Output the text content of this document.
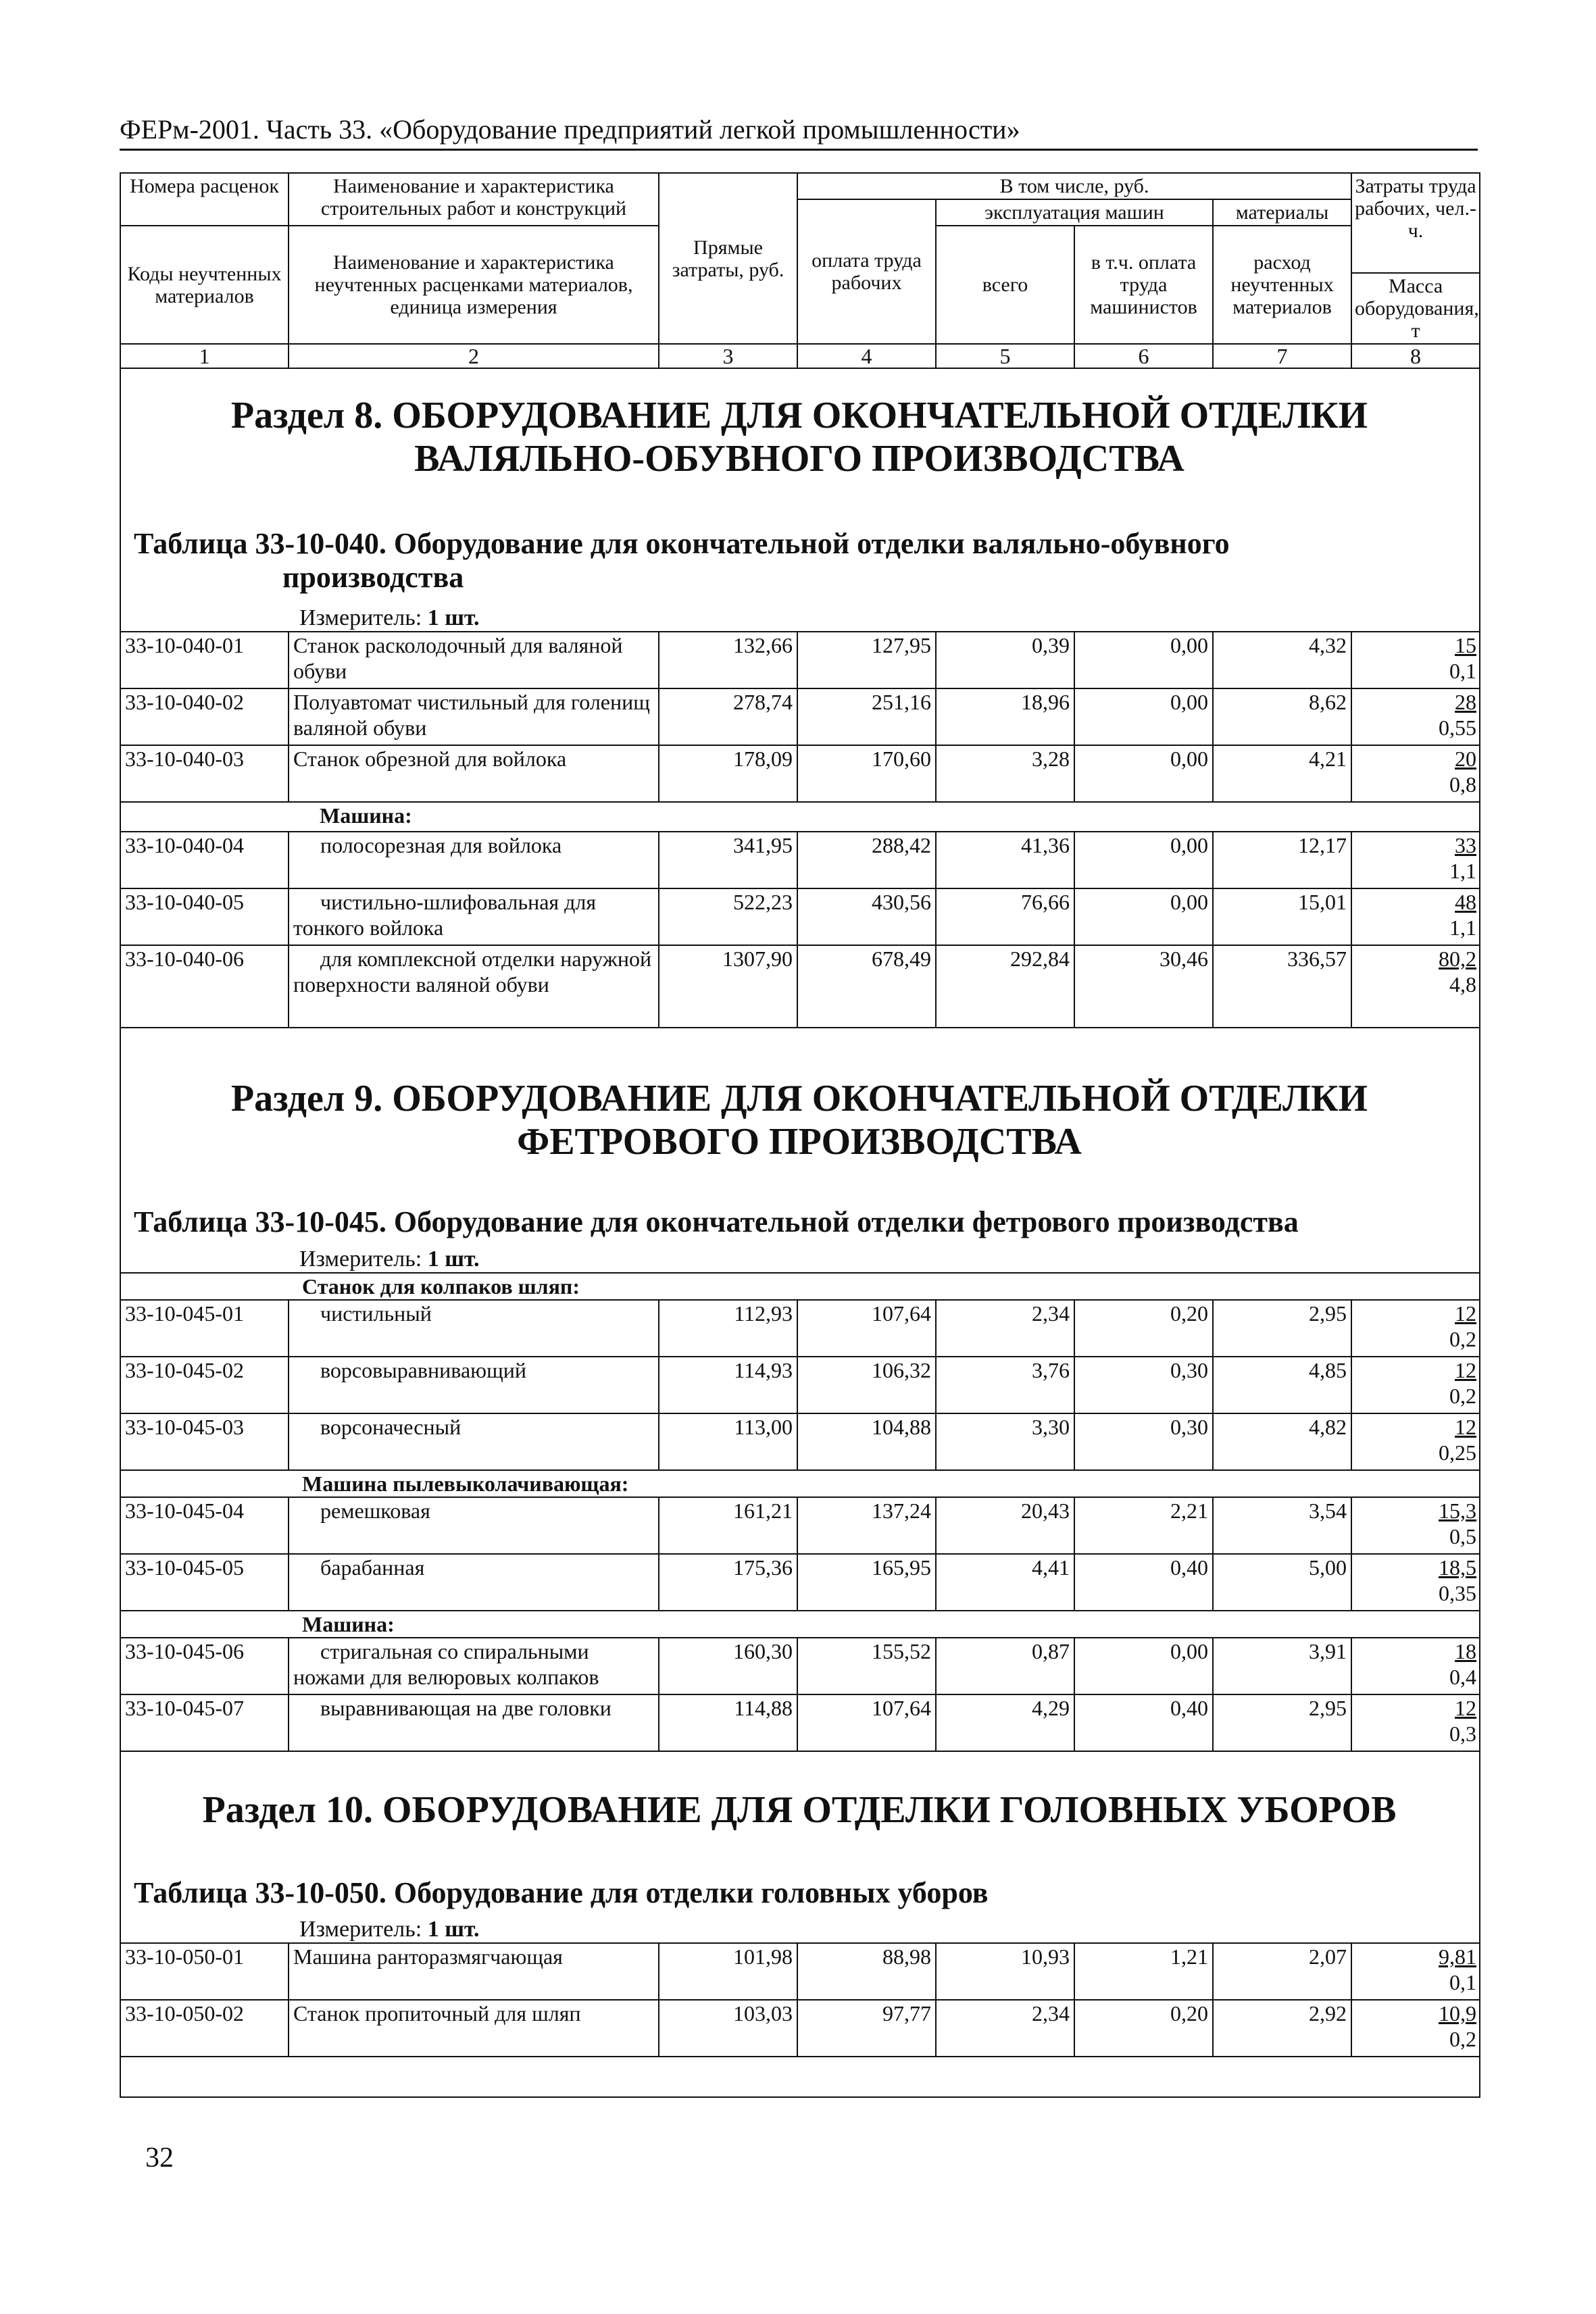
ФЕРм-2001. Часть 33. «Оборудование предприятий легкой промышленности»
Номера расценок	Наименование и характеристика строительных работ и конструкций	Прямые затраты, руб.	В том числе, руб.				Затраты труда рабочих, чел.-ч.
			оплата труда рабочих	эксплуатация машин		материалы	
Коды неучтенных материалов	Наименование и характеристика неучтенных расценками материалов, единица измерения			всего	в т.ч. оплата труда машинистов	расход неучтенных материалов	
							Масса оборудования, т
1	2	3	4	5	6	7	8
Раздел 8. ОБОРУДОВАНИЕ ДЛЯ ОКОНЧАТЕЛЬНОЙ ОТДЕЛКИ
ВАЛЯЛЬНО-ОБУВНОГО ПРОИЗВОДСТВА
Таблица 33-10-040. Оборудование для окончательной отделки валяльно-обувного
производства
Измеритель: 1 шт.
33-10-040-01	Станок расколодочный для валяной обуви	132,66	127,95	0,39	0,00	4,32	15
0,1
33-10-040-02	Полуавтомат чистильный для голенищ валяной обуви	278,74	251,16	18,96	0,00	8,62	28
0,55
33-10-040-03	Станок обрезной для войлока	178,09	170,60	3,28	0,00	4,21	20
0,8
	Машина:						
33-10-040-04	полосорезная для войлока	341,95	288,42	41,36	0,00	12,17	33
1,1
33-10-040-05	чистильно-шлифовальная для тонкого войлока	522,23	430,56	76,66	0,00	15,01	48
1,1
33-10-040-06	для комплексной отделки наружной поверхности валяной обуви	1307,90	678,49	292,84	30,46	336,57	80,2
4,8
Раздел 9. ОБОРУДОВАНИЕ ДЛЯ ОКОНЧАТЕЛЬНОЙ ОТДЕЛКИ
ФЕТРОВОГО ПРОИЗВОДСТВА
Таблица 33-10-045. Оборудование для окончательной отделки фетрового производства
Измеритель: 1 шт.
	Станок для колпаков шляп:						
33-10-045-01	чистильный	112,93	107,64	2,34	0,20	2,95	12
0,2
33-10-045-02	ворсовыравнивающий	114,93	106,32	3,76	0,30	4,85	12
0,2
33-10-045-03	ворсоначесный	113,00	104,88	3,30	0,30	4,82	12
0,25
	Машина пылевыколачивающая:						
33-10-045-04	ремешковая	161,21	137,24	20,43	2,21	3,54	15,3
0,5
33-10-045-05	барабанная	175,36	165,95	4,41	0,40	5,00	18,5
0,35
	Машина:						
33-10-045-06	стригальная со спиральными ножами для велюровых колпаков	160,30	155,52	0,87	0,00	3,91	18
0,4
33-10-045-07	выравнивающая на две головки	114,88	107,64	4,29	0,40	2,95	12
0,3
Раздел 10. ОБОРУДОВАНИЕ ДЛЯ ОТДЕЛКИ ГОЛОВНЫХ УБОРОВ
Таблица 33-10-050. Оборудование для отделки головных уборов
Измеритель: 1 шт.
33-10-050-01	Машина ранторазмягчающая	101,98	88,98	10,93	1,21	2,07	9,81
0,1
33-10-050-02	Станок пропиточный для шляп	103,03	97,77	2,34	0,20	2,92	10,9
0,2
32
